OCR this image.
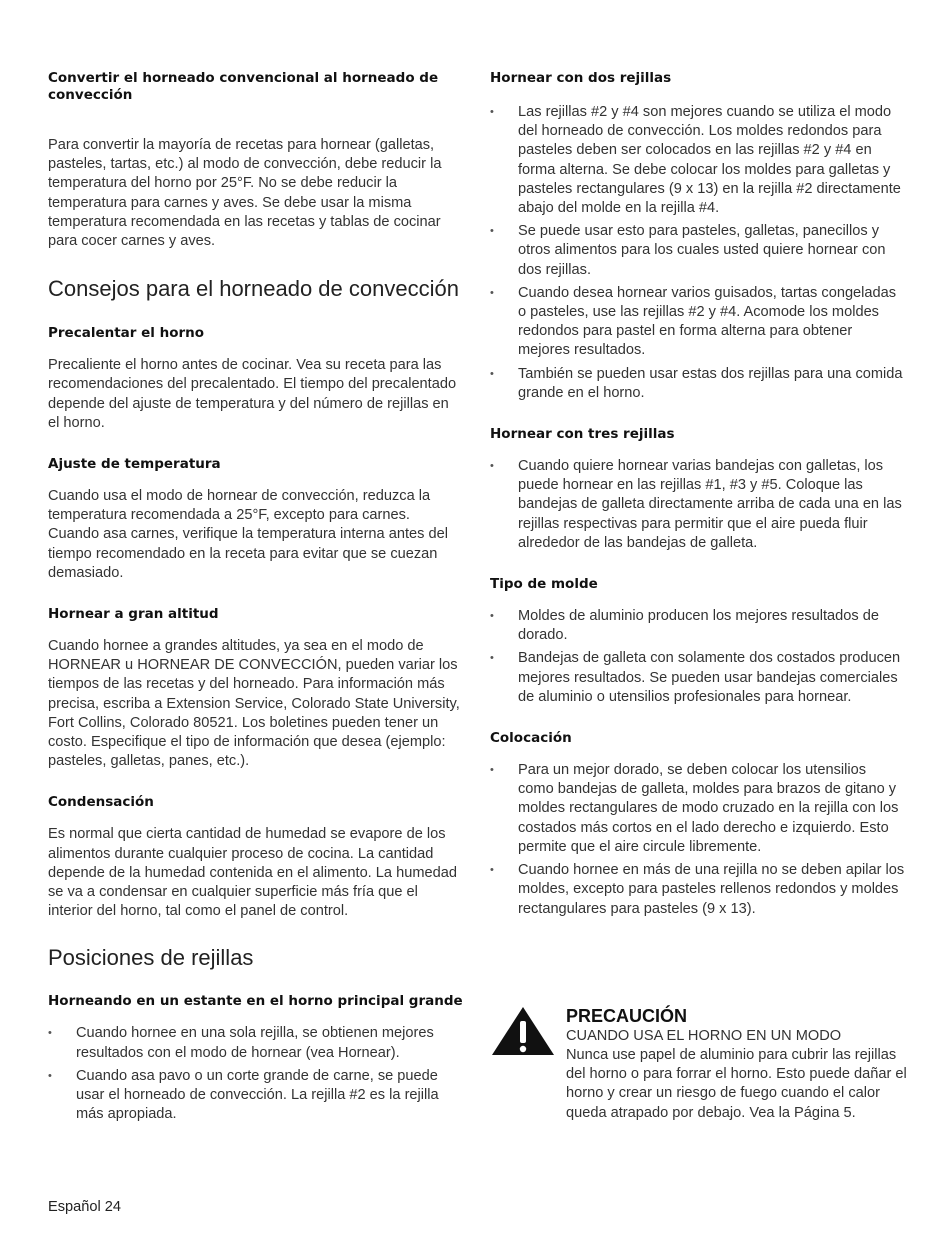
Convertir el horneado convencional al horneado de convección

Para convertir la mayoría de recetas para hornear (galletas, pasteles, tartas, etc.) al modo de convección, debe reducir la temperatura del horno por 25°F. No se debe reducir la temperatura para carnes y aves. Se debe usar la misma temperatura recomendada en las recetas y tablas de cocinar para cocer carnes y aves.

Consejos para el horneado de convección
Precalentar el horno

Precaliente el horno antes de cocinar. Vea su receta para las recomendaciones del precalentado. El tiempo del precalentado depende del ajuste de temperatura y del número de rejillas en el horno.

Ajuste de temperatura

Cuando usa el modo de hornear de convección, reduzca la temperatura recomendada a 25°F, excepto para carnes. Cuando asa carnes, verifique la temperatura interna antes del tiempo recomendado en la receta para evitar que se cuezan demasiado.

Hornear a gran altitud

Cuando hornee a grandes altitudes, ya sea en el modo de HORNEAR u HORNEAR DE CONVECCIÓN, pueden variar los tiempos de las recetas y del horneado. Para información más precisa, escriba a Extension Service, Colorado State University, Fort Collins, Colorado 80521. Los boletines pueden tener un costo. Especifique el tipo de información que desea (ejemplo: pasteles, galletas, panes, etc.).

Condensación

Es normal que cierta cantidad de humedad se evapore de los alimentos durante cualquier proceso de cocina. La cantidad depende de la humedad contenida en el alimento. La humedad se va a condensar en cualquier superficie más fría que el interior del horno, tal como el panel de control.

Posiciones de rejillas
Horneando en un estante en el horno principal grande
• Cuando hornee en una sola rejilla, se obtienen mejores resultados con el modo de hornear (vea Hornear).
• Cuando asa pavo o un corte grande de carne, se puede usar el horneado de convección. La rejilla #2 es la rejilla más apropiada.
Hornear con dos rejillas
• Las rejillas #2 y #4 son mejores cuando se utiliza el modo del horneado de convección. Los moldes redondos para pasteles deben ser colocados en las rejillas #2 y #4 en forma alterna. Se debe colocar los moldes para galletas y pasteles rectangulares (9 x 13) en la rejilla #2 directamente abajo del molde en la rejilla #4.
• Se puede usar esto para pasteles, galletas, panecillos y otros alimentos para los cuales usted quiere hornear con dos rejillas.
• Cuando desea hornear varios guisados, tartas congeladas o pasteles, use las rejillas #2 y #4. Acomode los moldes redondos para pastel en forma alterna para obtener mejores resultados.
• También se pueden usar estas dos rejillas para una comida grande en el horno.
Hornear con tres rejillas
• Cuando quiere hornear varias bandejas con galletas, los puede hornear en las rejillas #1, #3 y #5. Coloque las bandejas de galleta directamente arriba de cada una en las rejillas respectivas para permitir que el aire pueda fluir alrededor de las bandejas de galleta.
Tipo de molde
• Moldes de aluminio producen los mejores resultados de dorado.
• Bandejas de galleta con solamente dos costados producen mejores resultados. Se pueden usar bandejas comerciales de aluminio o utensilios profesionales para hornear.
Colocación
• Para un mejor dorado, se deben colocar los utensilios como bandejas de galleta, moldes para brazos de gitano y moldes rectangulares de modo cruzado en la rejilla con los costados más cortos en el lado derecho e izquierdo. Esto permite que el aire circule libremente.
• Cuando hornee en más de una rejilla no se deben apilar los moldes, excepto para pasteles rellenos redondos y moldes rectangulares para pasteles (9 x 13).
PRECAUCIÓN
CUANDO USA EL HORNO EN UN MODO
Nunca use papel de aluminio para cubrir las rejillas del horno o para forrar el horno. Esto puede dañar el horno y crear un riesgo de fuego cuando el calor queda atrapado por debajo. Vea la Página 5.
Español 24
